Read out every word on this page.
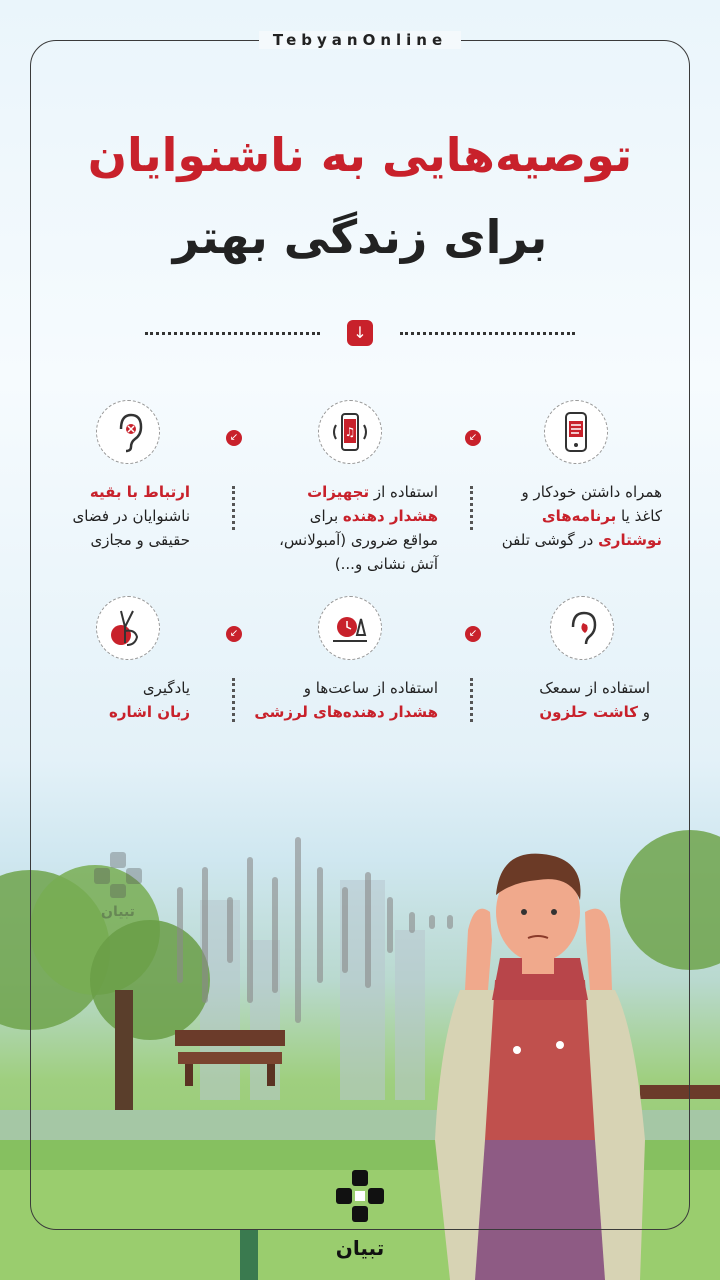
تبیان
TebyanOnline
توصیه‌هایی به ناشنوایان
برای زندگی بهتر
↓
♫	↙
↙
همراه داشتن خودکار و
کاغذ یا برنامه‌های
نوشتاری در گوشی تلفن
استفاده از تجهیزات
هشدار دهنده برای
مواقع ضروری (آمبولانس،
آتش نشانی و...)
ارتباط با بقیه
ناشنوایان در فضای
حقیقی و مجازی
↙
↙
استفاده از سمعک
و کاشت حلزون
استفاده از ساعت‌ها و
هشدار دهنده‌های لرزشی
یادگیری
زبان اشاره
تبیان
